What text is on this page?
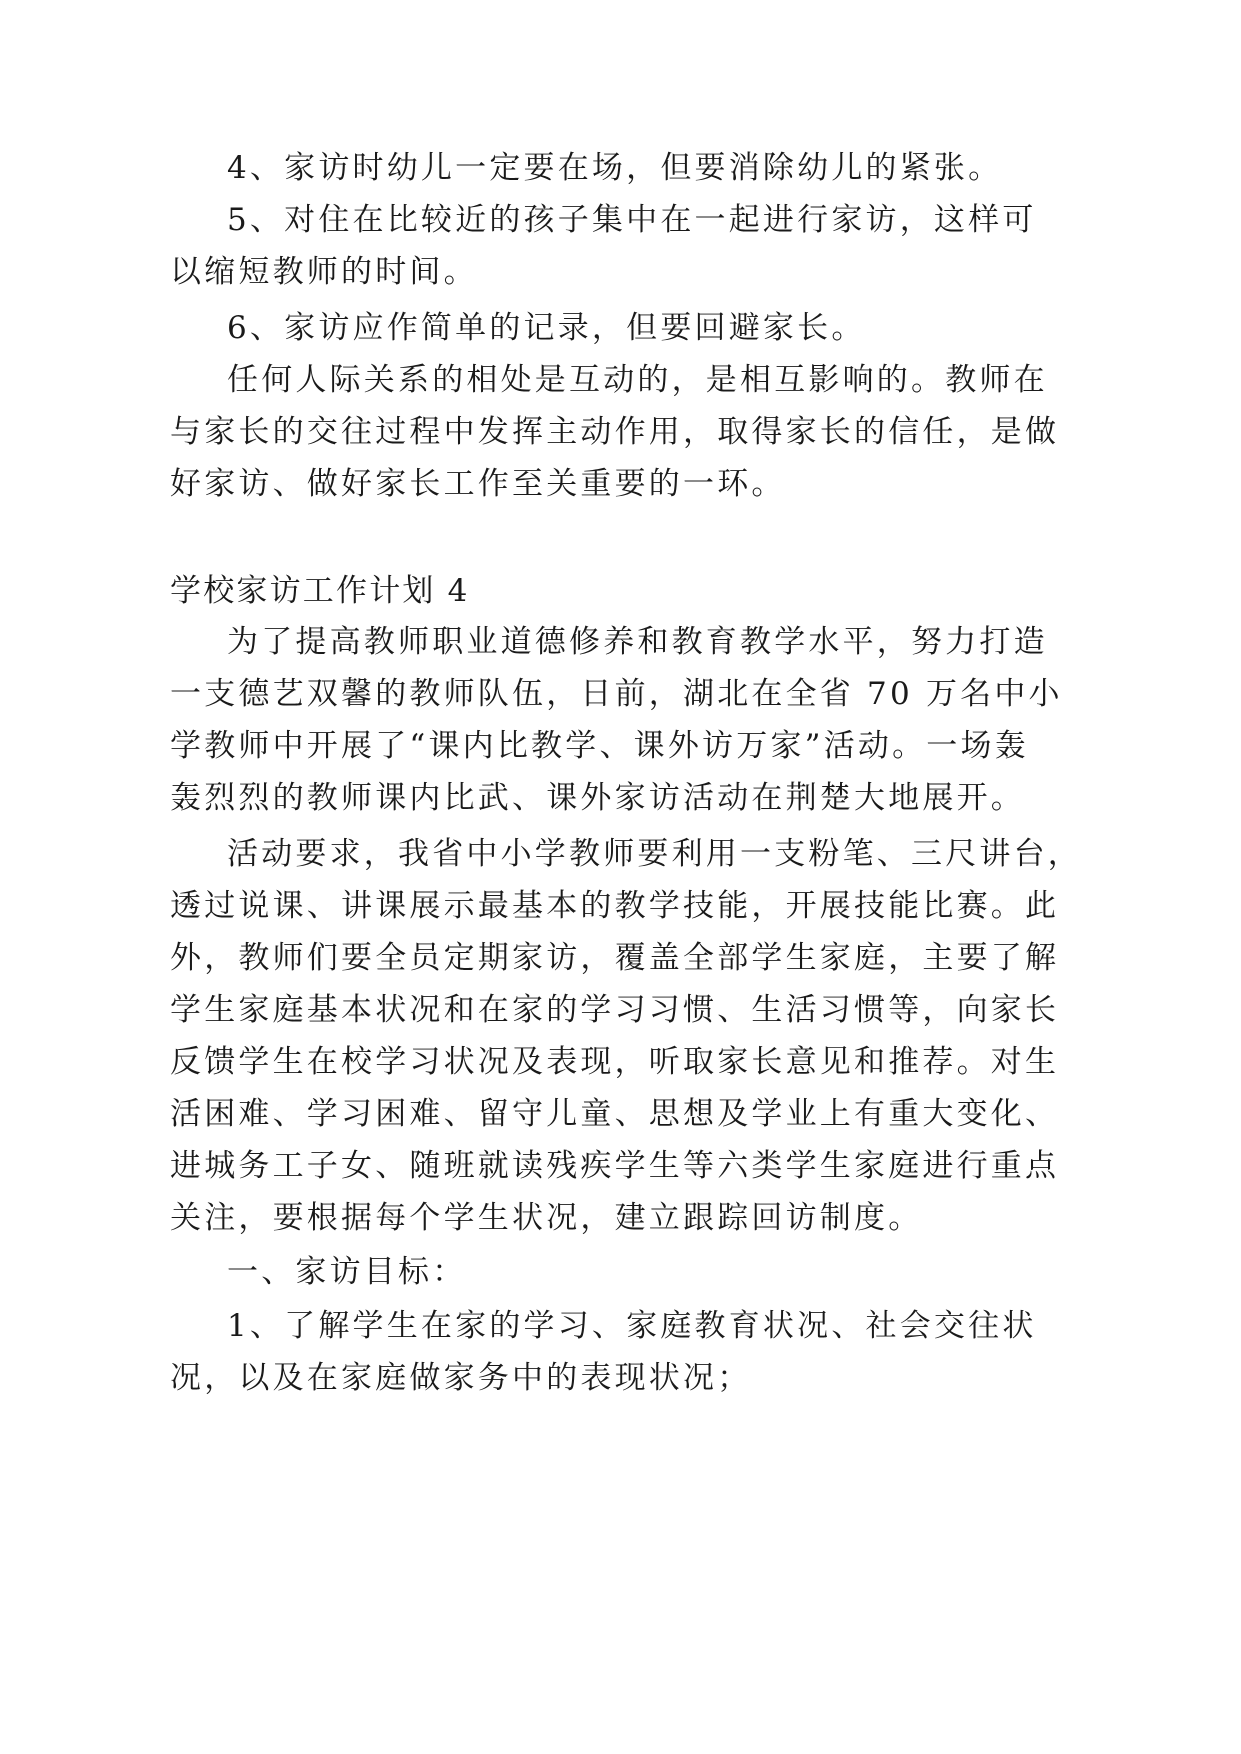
4、家访时幼儿一定要在场，但要消除幼儿的紧张。
5、对住在比较近的孩子集中在一起进行家访，这样可
以缩短教师的时间。
6、家访应作简单的记录，但要回避家长。
任何人际关系的相处是互动的，是相互影响的。教师在
与家长的交往过程中发挥主动作用，取得家长的信任，是做
好家访、做好家长工作至关重要的一环。
学校家访工作计划 4
为了提高教师职业道德修养和教育教学水平，努力打造
一支德艺双馨的教师队伍，日前，湖北在全省 70 万名中小
学教师中开展了“课内比教学、课外访万家”活动。一场轰
轰烈烈的教师课内比武、课外家访活动在荆楚大地展开。
活动要求，我省中小学教师要利用一支粉笔、三尺讲台，
透过说课、讲课展示最基本的教学技能，开展技能比赛。此
外，教师们要全员定期家访，覆盖全部学生家庭，主要了解
学生家庭基本状况和在家的学习习惯、生活习惯等，向家长
反馈学生在校学习状况及表现，听取家长意见和推荐。对生
活困难、学习困难、留守儿童、思想及学业上有重大变化、
进城务工子女、随班就读残疾学生等六类学生家庭进行重点
关注，要根据每个学生状况，建立跟踪回访制度。
一、家访目标：
1、了解学生在家的学习、家庭教育状况、社会交往状
况，以及在家庭做家务中的表现状况；
